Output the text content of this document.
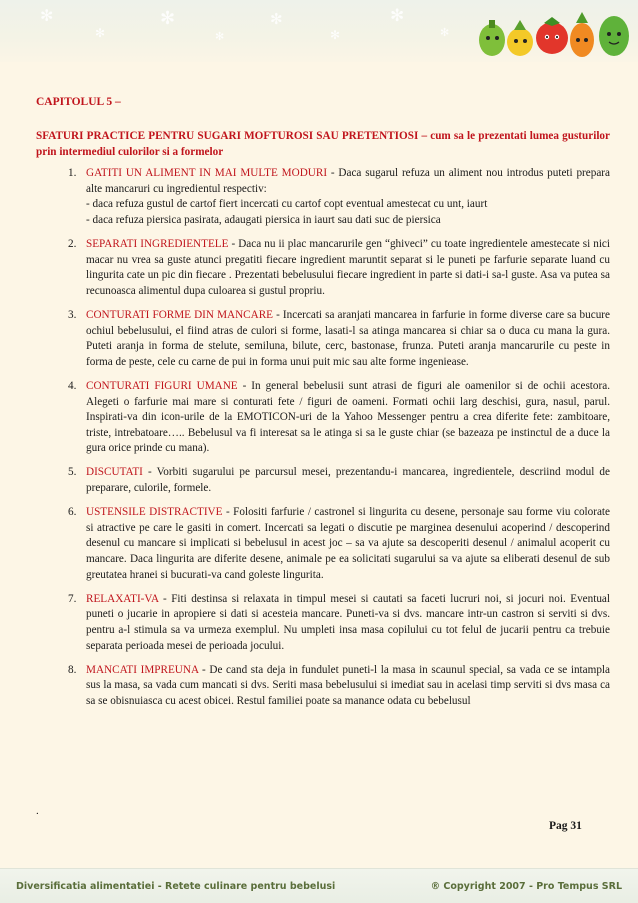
✻
✻
✻
✻
✻
✻
✻
✻
CAPITOLUL 5 –
SFATURI PRACTICE PENTRU SUGARI MOFTUROSI SAU PRETENTIOSI – cum sa le prezentati lumea gusturilor prin intermediul culorilor si a formelor
1. GATITI UN ALIMENT IN MAI MULTE MODURI - Daca sugarul refuza un aliment nou introdus puteti prepara alte mancaruri cu ingredientul respectiv:
- daca refuza gustul de cartof fiert incercati cu cartof copt eventual amestecat cu unt, iaurt
- daca refuza piersica pasirata, adaugati piersica in iaurt sau dati suc de piersica
2. SEPARATI INGREDIENTELE - Daca nu ii plac mancarurile gen “ghiveci” cu toate ingredientele amestecate si nici macar nu vrea sa guste atunci pregatiti fiecare ingredient maruntit separat si le puneti pe farfurie separate luand cu lingurita cate un pic din fiecare . Prezentati bebelusului fiecare ingredient in parte si dati-i sa-l guste. Asa va putea sa recunoasca alimentul dupa culoarea si gustul propriu.
3. CONTURATI FORME DIN MANCARE - Incercati sa aranjati mancarea in farfurie in forme diverse care sa bucure ochiul bebelusului, el fiind atras de culori si forme, lasati-l sa atinga mancarea si chiar sa o duca cu mana la gura. Puteti aranja in forma de stelute, semiluna, bilute, cerc, bastonase, frunza. Puteti aranja mancarurile cu peste in forma de peste, cele cu carne de pui in forma unui puit mic sau alte forme ingeniease.
4. CONTURATI FIGURI UMANE - In general bebelusii sunt atrasi de figuri ale oamenilor si de ochii acestora. Alegeti o farfurie mai mare si conturati fete / figuri de oameni. Formati ochii larg deschisi, gura, nasul, parul. Inspirati-va din icon-urile de la EMOTICON-uri de la Yahoo Messenger pentru a crea diferite fete: zambitoare, triste, intrebatoare….. Bebelusul va fi interesat sa le atinga si sa le guste chiar (se bazeaza pe instinctul de a duce la gura orice prinde cu mana).
5. DISCUTATI - Vorbiti sugarului pe parcursul mesei, prezentandu-i mancarea, ingredientele, descriind modul de preparare, culorile, formele.
6. USTENSILE DISTRACTIVE - Folositi farfurie / castronel si lingurita cu desene, personaje sau forme viu colorate si atractive pe care le gasiti in comert. Incercati sa legati o discutie pe marginea desenului acoperind / descoperind desenul cu mancare si implicati si bebelusul in acest joc – sa va ajute sa descoperiti desenul / animalul acoperit cu mancare. Daca lingurita are diferite desene, animale pe ea solicitati sugarului sa va ajute sa eliberati desenul de sub greutatea hranei si bucurati-va cand goleste lingurita.
7. RELAXATI-VA - Fiti destinsa si relaxata in timpul mesei si cautati sa faceti lucruri noi, si jocuri noi. Eventual puneti o jucarie in apropiere si dati si acesteia mancare. Puneti-va si dvs. mancare intr-un castron si serviti si dvs. pentru a-l stimula sa va urmeza exemplul. Nu umpleti insa masa copilului cu tot felul de jucarii pentru ca trebuie separata perioada mesei de perioada jocului.
8. MANCATI IMPREUNA - De cand sta deja in fundulet puneti-l la masa in scaunul special, sa vada ce se intampla sus la masa, sa vada cum mancati si dvs. Seriti masa bebelusului si imediat sau in acelasi timp serviti si dvs masa ca sa se obisnuiasca cu acest obicei. Restul familiei poate sa manance odata cu bebelusul
.
Pag 31
Diversificatia alimentatiei - Retete culinare pentru bebelusi	® Copyright 2007 - Pro Tempus SRL
